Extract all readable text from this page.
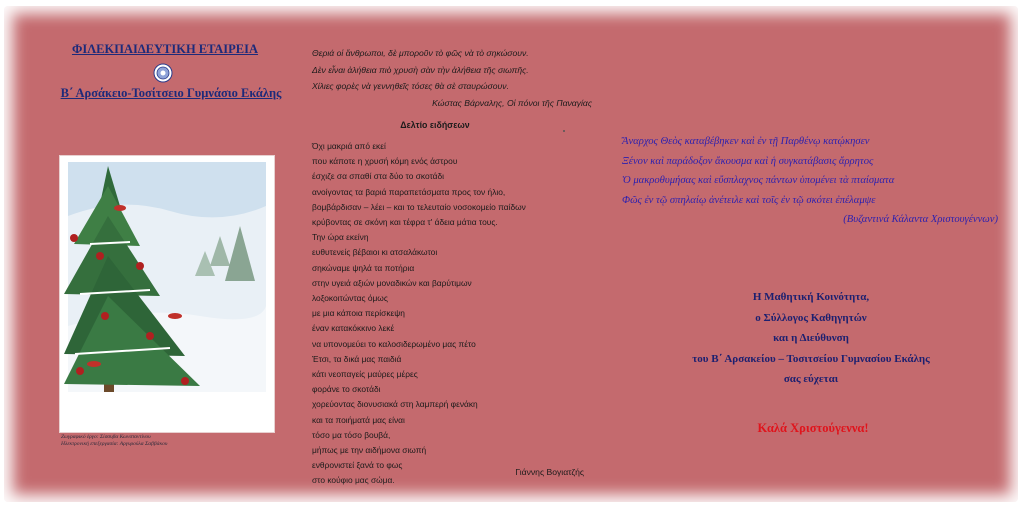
ΦΙΛΕΚΠΑΙΔΕΥΤΙΚΗ ΕΤΑΙΡΕΙΑ
Β΄ Αρσάκειο-Τοσίτσειο Γυμνάσιο Εκάλης
Ζωγραφικό έργο: Σίσσυβα Κωνσταντίνου
Ηλεκτρονική επεξεργασία: Αργυρούλα Σαββάκου
Θεριά οἱ ἄνθρωποι, δὲ μποροῦν τὸ φῶς νὰ τὸ σηκώσουν.
Δὲν εἶναι ἀλήθεια πιὸ χρυσὴ σὰν τὴν ἀλήθεια τῆς σιωπῆς.
Χίλιες φορὲς νὰ γεννηθεῖς τόσες θὰ σὲ σταυρώσουν.
Κώστας Βάρναλης, Οἱ πόνοι τῆς Παναγίας
Δελτίο ειδήσεων
Όχι μακριά από εκεί
που κάποτε η χρυσή κόμη ενός άστρου
έσχιζε σα σπαθί στα δύο το σκοτάδι
ανοίγοντας τα βαριά παραπετάσματα προς τον ήλιο,
βομβάρδισαν – λέει – και το τελευταίο νοσοκομείο παίδων
κρύβοντας σε σκόνη και τέφρα τ' άδεια μάτια τους.
Την ώρα εκείνη
ευθυτενείς βέβαιοι κι ατσαλάκωτοι
σηκώναμε ψηλά τα ποτήρια
στην υγειά αξιών μοναδικών και βαρύτιμων
λοξοκοιτώντας όμως
με μια κάποια περίσκεψη
έναν κατακόκκινο λεκέ
να υπονομεύει το καλοσιδερωμένο μας πέτο
Έτσι, τα δικά μας παιδιά
κάτι νεοπαγείς μαύρες μέρες
φοράνε το σκοτάδι
χορεύοντας διονυσιακά στη λαμπερή φενάκη
και τα ποιήματά μας είναι
τόσο μα τόσο βουβά,
μήπως με την αιδήμονα σιωπή
ενθρονιστεί ξανά το φως
στο κούφιο μας σώμα.
Γιάννης Βογιατζής
Ἄναρχος Θεὸς καταβέβηκεν καὶ ἐν τῇ Παρθένῳ κατῴκησεν
Ξένον καὶ παράδοξον ἄκουσμα καὶ ἡ συγκατάβασις ἄρρητος
Ὁ μακροθυμήσας καὶ εὔσπλαχνος πάντων ὑπομένει τὰ πταίσματα
Φῶς ἐν τῷ σπηλαίῳ ἀνέτειλε καὶ τοῖς ἐν τῷ σκότει ἐπέλαμψε
(Βυζαντινά Κάλαντα Χριστουγέννων)
Η Μαθητική Κοινότητα,
ο Σύλλογος Καθηγητών
και η Διεύθυνση
του Β΄ Αρσακείου – Τοσιτσείου Γυμνασίου Εκάλης
σας εύχεται
Καλά Χριστούγεννα!
